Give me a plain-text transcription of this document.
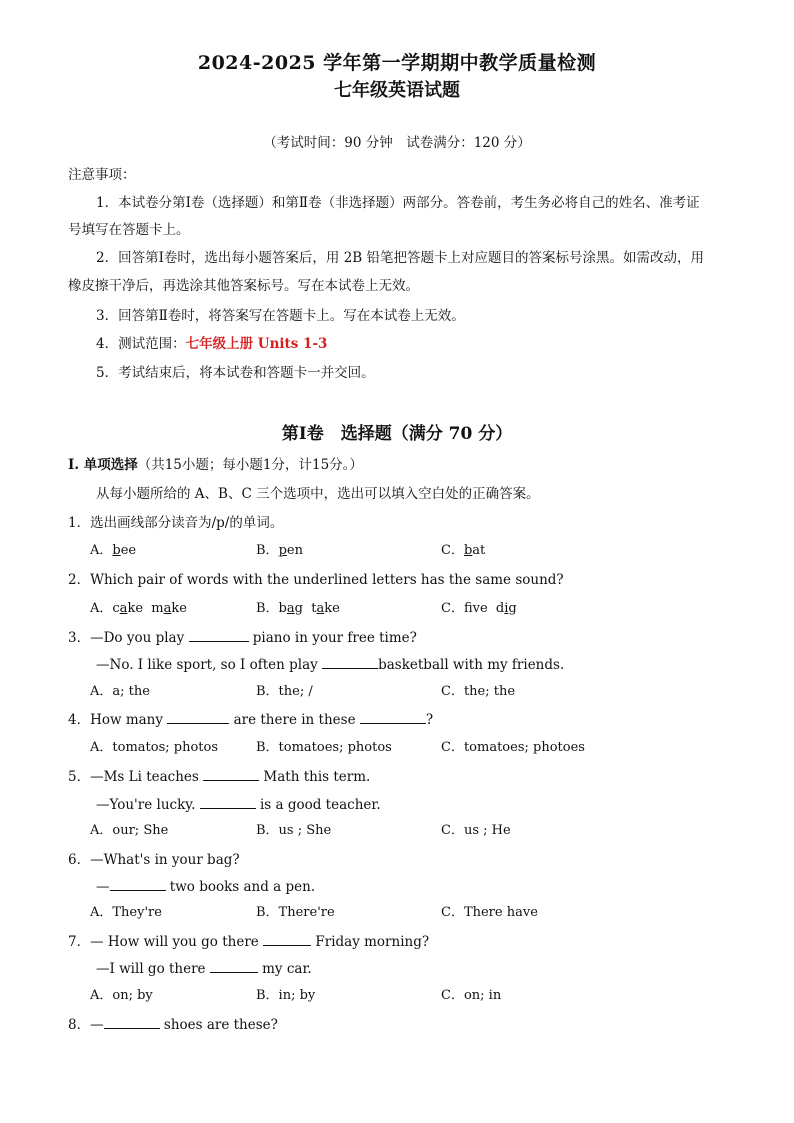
2024-2025 学年第一学期期中教学质量检测
七年级英语试题
（考试时间：90 分钟　试卷满分：120 分）
注意事项：
1．本试卷分第Ⅰ卷（选择题）和第Ⅱ卷（非选择题）两部分。答卷前，考生务必将自己的姓名、准考证
号填写在答题卡上。
2．回答第Ⅰ卷时，选出每小题答案后，用 2B 铅笔把答题卡上对应题目的答案标号涂黑。如需改动，用
橡皮擦干净后，再选涂其他答案标号。写在本试卷上无效。
3．回答第Ⅱ卷时，将答案写在答题卡上。写在本试卷上无效。
4．测试范围：七年级上册 Units 1-3
5．考试结束后，将本试卷和答题卡一并交回。
第Ⅰ卷　选择题（满分 70 分）
I. 单项选择（共15小题；每小题1分，计15分。）
从每小题所给的 A、B、C 三个选项中，选出可以填入空白处的正确答案。
1．选出画线部分读音为/p/的单词。
A．bee	B．pen	C．bat
2．Which pair of words with the underlined letters has the same sound?
A．cake  make	B．bag  take	C．fve  dig
3．—Do you play	piano in your free time?
—No. I like sport, so I often play	basketball with my friends.
A．a; the	B．the; /	C．the; the
4．How many	are there in these	?
A．tomatos; photos	B．tomatoes; photos	C．tomatoes; photoes
5．—Ms Li teaches	Math this term.
—You're lucky.	is a good teacher.
A．our; She	B．us ; She	C．us ; He
6．—What's in your bag?
—	two books and a pen.
A．They're	B．There're	C．There have
7．— How will you go there	Friday morning?
—I will go there	my car.
A．on; by	B．in; by	C．on; in
8．—	shoes are these?
